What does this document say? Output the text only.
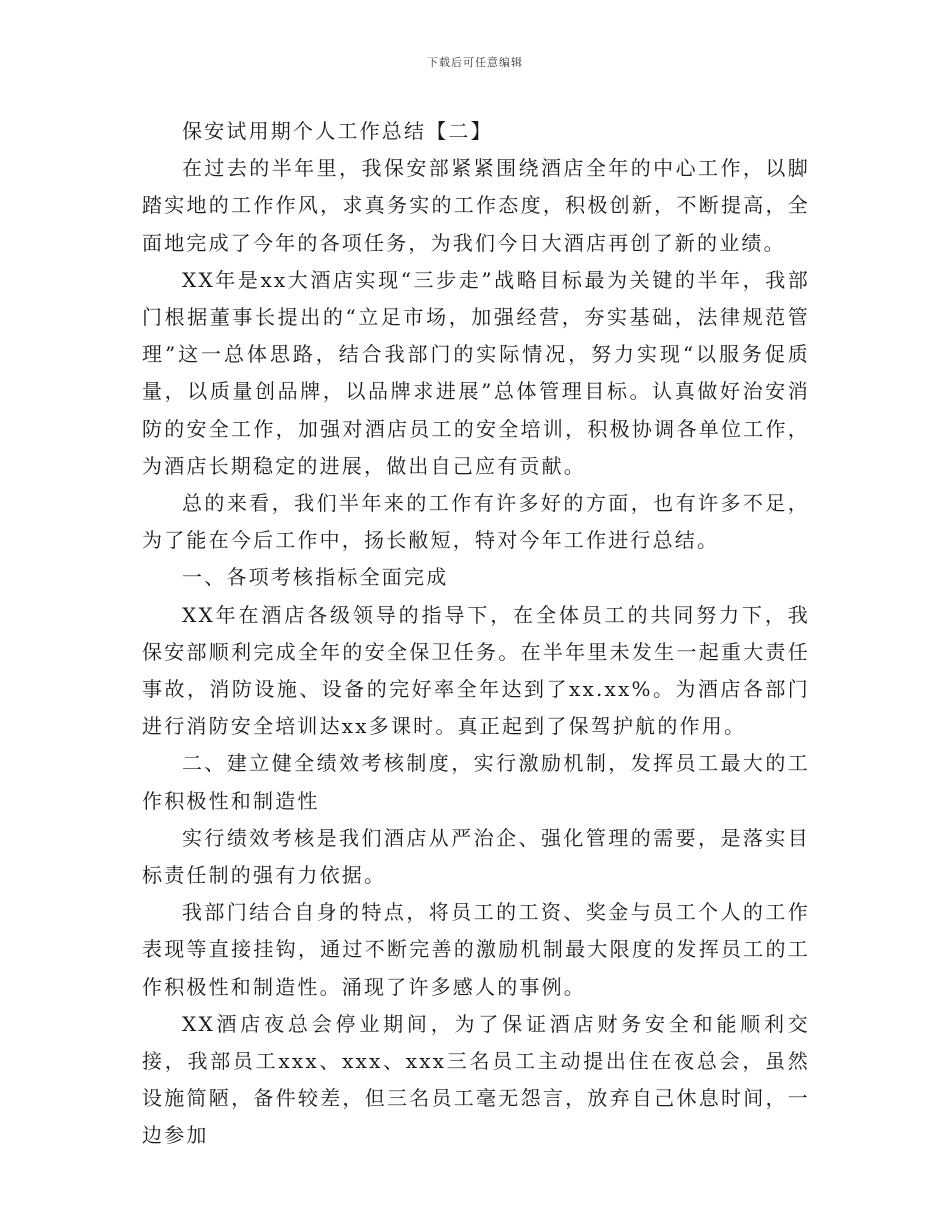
下载后可任意编辑

保安试用期个人工作总结【二】

在过去的半年里，我保安部紧紧围绕酒店全年的中心工作，以脚踏实地的工作作风，求真务实的工作态度，积极创新，不断提高，全面地完成了今年的各项任务，为我们今日大酒店再创了新的业绩。

XX年是xx大酒店实现“三步走”战略目标最为关键的半年，我部门根据董事长提出的“立足市场，加强经营，夯实基础，法律规范管理”这一总体思路，结合我部门的实际情况，努力实现“以服务促质量，以质量创品牌，以品牌求进展”总体管理目标。认真做好治安消防的安全工作，加强对酒店员工的安全培训，积极协调各单位工作，为酒店长期稳定的进展，做出自己应有贡献。

总的来看，我们半年来的工作有许多好的方面，也有许多不足，为了能在今后工作中，扬长敝短，特对今年工作进行总结。

一、各项考核指标全面完成

XX年在酒店各级领导的指导下，在全体员工的共同努力下，我保安部顺利完成全年的安全保卫任务。在半年里未发生一起重大责任事故，消防设施、设备的完好率全年达到了xx.xx%。为酒店各部门进行消防安全培训达xx多课时。真正起到了保驾护航的作用。

二、建立健全绩效考核制度，实行激励机制，发挥员工最大的工作积极性和制造性

实行绩效考核是我们酒店从严治企、强化管理的需要，是落实目标责任制的强有力依据。

我部门结合自身的特点，将员工的工资、奖金与员工个人的工作表现等直接挂钩，通过不断完善的激励机制最大限度的发挥员工的工作积极性和制造性。涌现了许多感人的事例。

XX酒店夜总会停业期间，为了保证酒店财务安全和能顺利交接，我部员工xxx、xxx、xxx三名员工主动提出住在夜总会，虽然设施简陋，备件较差，但三名员工毫无怨言，放弃自己休息时间，一边参加
